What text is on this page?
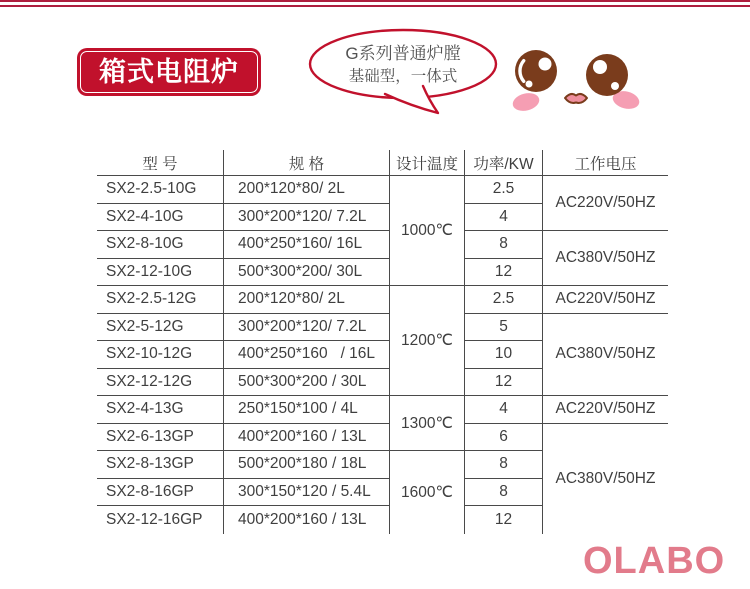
箱式电阻炉
G系列普通炉膛
基础型，一体式
型 号	规 格	设计温度	功率/KW	工作电压
SX2-2.5-10G	200*120*80/ 2L	1000℃	2.5	AC220V/50HZ
SX2-4-10G	300*200*120/ 7.2L		4	
SX2-8-10G	400*250*160/ 16L		8	AC380V/50HZ
SX2-12-10G	500*300*200/ 30L		12	
SX2-2.5-12G	200*120*80/ 2L	1200℃	2.5	AC220V/50HZ
SX2-5-12G	300*200*120/ 7.2L		5	AC380V/50HZ
SX2-10-12G	400*250*160   / 16L		10	
SX2-12-12G	500*300*200 / 30L		12	
SX2-4-13G	250*150*100 / 4L	1300℃	4	AC220V/50HZ
SX2-6-13GP	400*200*160 / 13L		6	AC380V/50HZ
SX2-8-13GP	500*200*180 / 18L	1600℃	8	
SX2-8-16GP	300*150*120 / 5.4L		8	
SX2-12-16GP	400*200*160 / 13L		12	
OLABO
